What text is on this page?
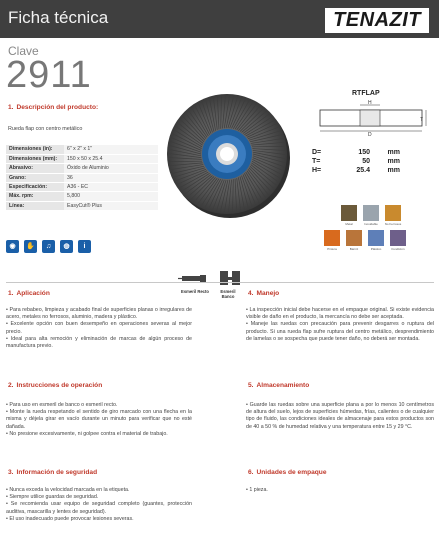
Ficha técnica	TENAZIT
Clave
2911
1. Descripción del producto:
Rueda flap con centro metálico
Dimensiones (in):	6" x 2" x 1"
Dimensiones (mm):	150 x 50 x 25.4
Abrasivo:	Óxido de Aluminio
Grano:	36
Especificación:	A36 - EC
Máx. rpm:	5,800
Línea:	EasyCut® Plus
RTFLAP
H
D
T
D=	150	mm
T=	50	mm
H=	25.4	mm
Metal	Inoxidable No Ferrosos
Pintura	Barniz	Plástico	Fundición
◉	✋	♫	◍	i
Esmeril Recto	Esmeril Banco
1. Aplicación
• Para rebabeo, limpieza y acabado final de superficies planas o irregulares de acero, metales no ferrosos, aluminio, madera y plástico.
• Excelente opción con buen desempeño en operaciones severas al mejor precio.
• Ideal para alta remoción y eliminación de marcas de algún proceso de manufactura previo.
2. Instrucciones de operación
• Para uso en esmeril de banco o esmeril recto.
• Monte la rueda respetando el sentido de giro marcado con una flecha en la misma y déjela girar en vacío durante un minuto para verificar que no esté dañada.
• No presione excesivamente, ni golpee contra el material de trabajo.
3. Información de seguridad
• Nunca exceda la velocidad marcada en la etiqueta.
• Siempre utilice guardas de seguridad.
• Se recomienda usar equipo de seguridad completo (guantes, protección auditiva, mascarilla y lentes de seguridad).
• El uso inadecuado puede provocar lesiones severas.
4. Manejo
• La inspección inicial debe hacerse en el empaque original. Si existe evidencia visible de daño en el producto, la mercancía no debe ser aceptada.
• Maneje las ruedas con precaución para prevenir desgarres o ruptura del producto. Si una rueda flap sufre ruptura del centro metálico, desprendimiento de lamelas o se sospecha que puede tener daño, no deberá ser montada.
5. Almacenamiento
• Guarde las ruedas sobre una superficie plana a por lo menos 10 centímetros de altura del suelo, lejos de superficies húmedas, frías, calientes o de cualquier tipo de fluido, las condiciones ideales de almacenaje para estos productos son de 40 a 50 % de humedad relativa y una temperatura entre 15 y 29 °C.
6. Unidades de empaque
• 1 pieza.
